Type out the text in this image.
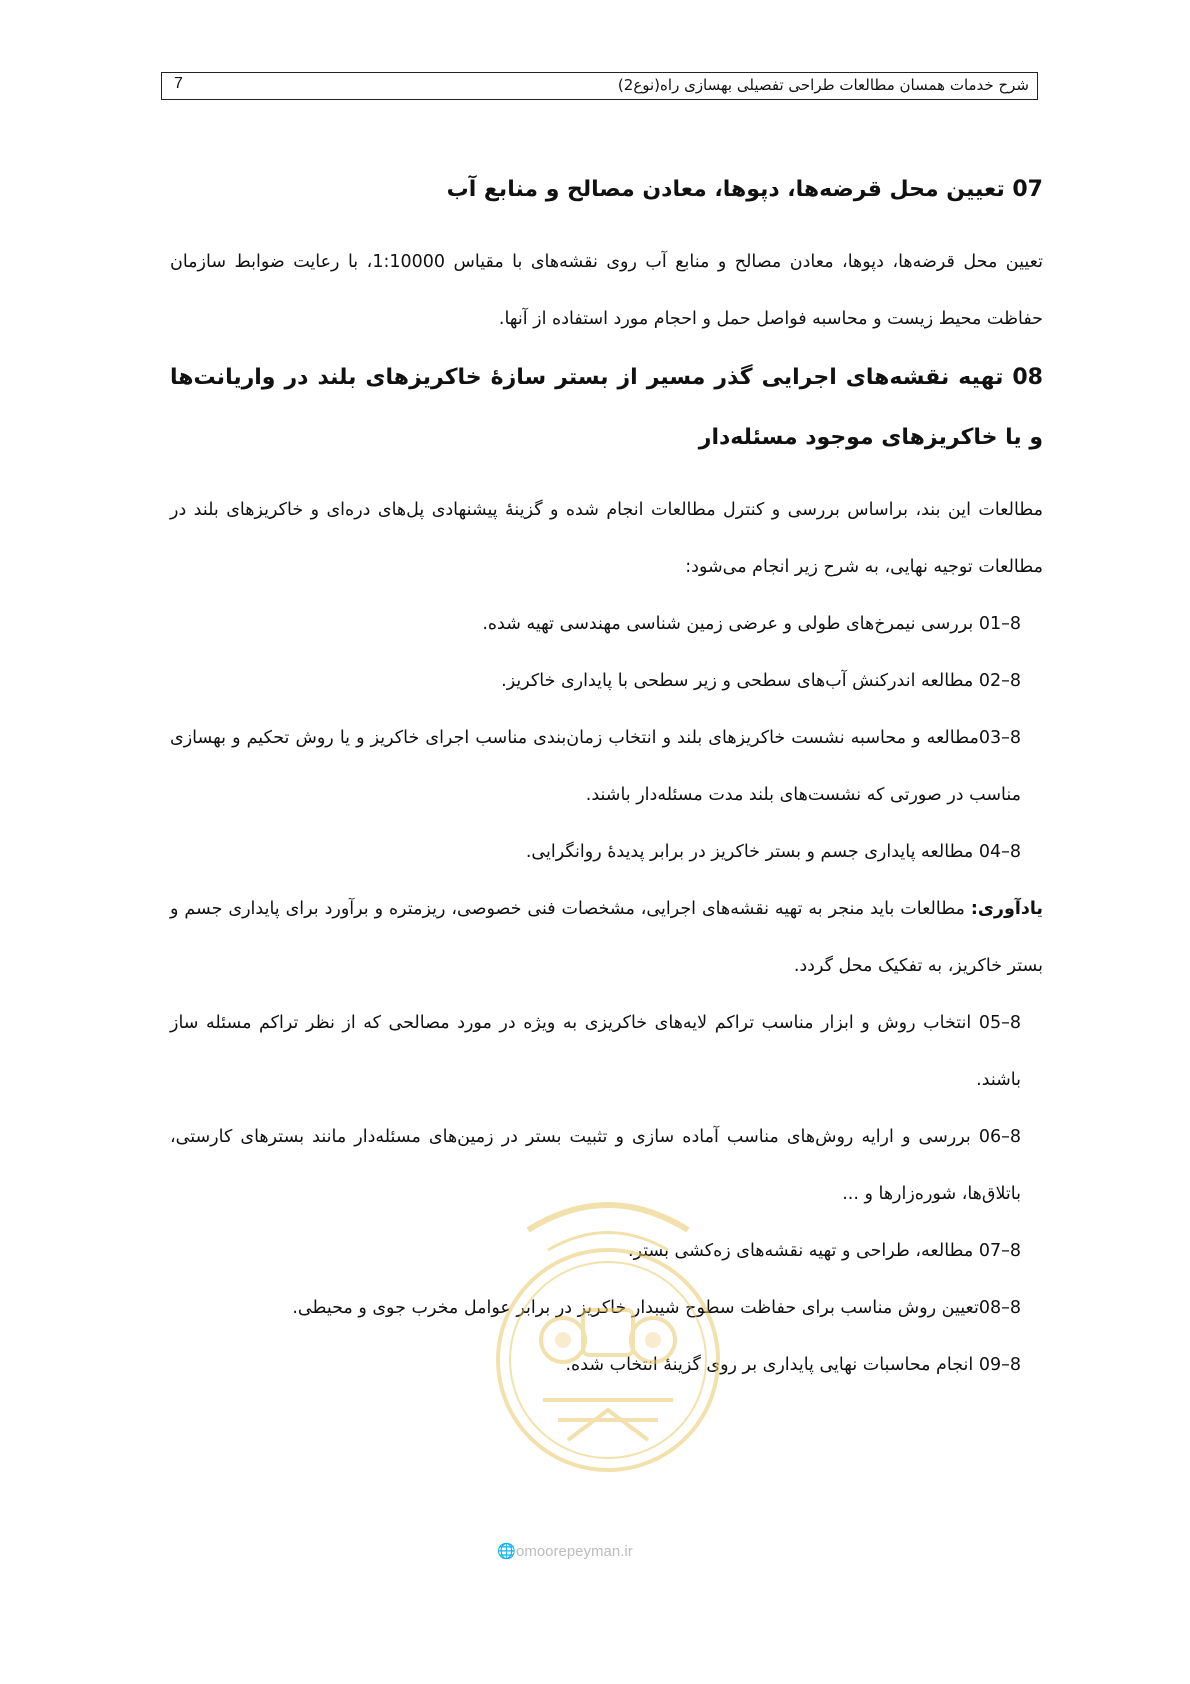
شرح خدمات همسان مطالعات طراحی تفصیلی بهسازی راه(نوع2)
7
07 تعیین محل قرضه‌ها، دپوها، معادن مصالح و منابع آب

تعیین محل قرضه‌ها، دپوها، معادن مصالح و منابع آب روی نقشه‌های با مقیاس 1:10000، با رعایت ضوابط سازمان حفاظت محیط زیست و محاسبه فواصل حمل و احجام مورد استفاده از آنها.

08 تهیه نقشه‌های اجرایی گذر مسیر از بستر سازهٔ خاکریزهای بلند در واریانت‌ها و یا خاکریزهای موجود مسئله‌دار

مطالعات این بند، براساس بررسی و کنترل مطالعات انجام شده و گزینهٔ پیشنهادی پل‌های دره‌ای و خاکریزهای بلند در مطالعات توجیه نهایی، به شرح زیر انجام می‌شود:

8–01 بررسی نیمرخ‌های طولی و عرضی زمین شناسی مهندسی تهیه شده.

8–02 مطالعه اندرکنش آب‌های سطحی و زیر سطحی با پایداری خاکریز.

8–03مطالعه و محاسبه نشست خاکریزهای بلند و انتخاب زمان‌بندی مناسب اجرای خاکریز و یا روش تحکیم و بهسازی مناسب در صورتی که نشست‌های بلند مدت مسئله‌دار باشند.

8–04 مطالعه پایداری جسم و بستر خاکریز در برابر پدیدهٔ روانگرایی.

یادآوری: مطالعات باید منجر به تهیه نقشه‌های اجرایی، مشخصات فنی خصوصی، ریزمتره و برآورد برای پایداری جسم و بستر خاکریز، به تفکیک محل گردد.

8–05 انتخاب روش و ابزار مناسب تراکم لایه‌های خاکریزی به ویژه در مورد مصالحی که از نظر تراکم مسئله ساز باشند.

8–06 بررسی و ارایه روش‌های مناسب آماده سازی و تثبیت بستر در زمین‌های مسئله‌دار مانند بسترهای کارستی، باتلاق‌ها، شوره‌زارها و ...

8–07 مطالعه، طراحی و تهیه نقشه‌های زه‌کشی بستر.

8–08تعیین روش مناسب برای حفاظت سطوح شیبدار خاکریز در برابر عوامل مخرب جوی و محیطی.

8–09 انجام محاسبات نهایی پایداری بر روی گزینهٔ انتخاب شده.

🌐omoorepeyman.ir
